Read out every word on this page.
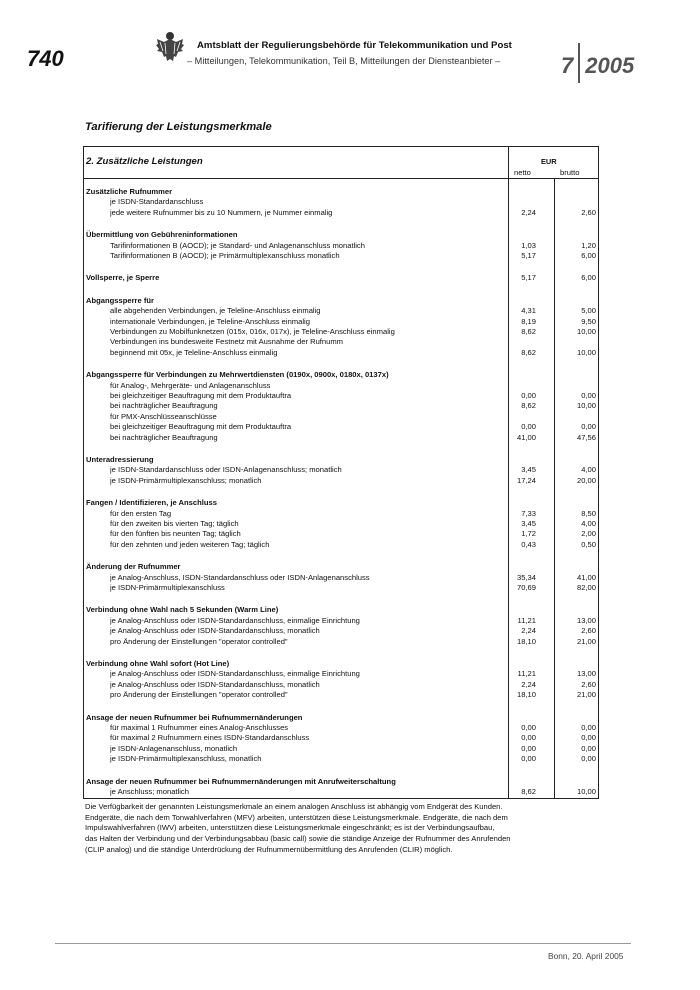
740
Amtsblatt der Regulierungsbehörde für Telekommunikation und Post
– Mitteilungen, Telekommunikation, Teil B, Mitteilungen der Diensteanbieter –	7 2005
Tarifierung der Leistungsmerkmale
2. Zusätzliche Leistungen	EUR
netto	brutto
Zusätzliche Rufnummer
je ISDN-Standardanschluss
jede weitere Rufnummer bis zu 10 Nummern, je Nummer einmalig	2,24	2,60
Übermittlung von Gebühreninformationen
Tarifinformationen B (AOCD); je Standard- und Anlagenanschluss monatlich	1,03	1,20
Tarifinformationen B (AOCD); je Primärmultiplexanschluss monatlich	5,17	6,00
Vollsperre, je Sperre	5,17	6,00
Abgangssperre für
alle abgehenden Verbindungen, je Teleline-Anschluss einmalig	4,31	5,00
internationale Verbindungen, je Teleline-Anschluss einmalig	8,19	9,50
Verbindungen zu Mobilfunknetzen (015x, 016x, 017x), je Teleline-Anschluss einmalig	8,62	10,00
Verbindungen ins bundesweite Festnetz mit Ausnahme der Rufnumm
beginnend mit 05x, je Teleline-Anschluss einmalig	8,62	10,00
Abgangssperre für Verbindungen zu Mehrwertdiensten (0190x, 0900x, 0180x, 0137x)
für Analog-, Mehrgeräte- und Anlagenanschluss
bei gleichzeitiger Beauftragung mit dem Produktauftra	0,00	0,00
bei nachträglicher Beauftragung	8,62	10,00
für PMX-Anschlüsseanschlüsse
bei gleichzeitiger Beauftragung mit dem Produktauftra	0,00	0,00
bei nachträglicher Beauftragung	41,00	47,56
Unteradressierung
je ISDN-Standardanschluss oder ISDN-Anlagenanschluss; monatlich	3,45	4,00
je ISDN-Primärmultiplexanschluss; monatlich	17,24	20,00
Fangen / Identifizieren, je Anschluss
für den ersten Tag	7,33	8,50
für den zweiten bis vierten Tag; täglich	3,45	4,00
für den fünften bis neunten Tag; täglich	1,72	2,00
für den zehnten und jeden weiteren Tag; täglich	0,43	0,50
Änderung der Rufnummer
je Analog-Anschluss, ISDN-Standardanschluss oder ISDN-Anlagenanschluss	35,34	41,00
je ISDN-Primärmultiplexanschluss	70,69	82,00
Verbindung ohne Wahl nach 5 Sekunden (Warm Line)
je Analog-Anschluss oder ISDN-Standardanschluss, einmalige Einrichtung	11,21	13,00
je Analog-Anschluss oder ISDN-Standardanschluss, monatlich	2,24	2,60
pro Änderung der Einstellungen "operator controlled"	18,10	21,00
Verbindung ohne Wahl sofort (Hot Line)
je Analog-Anschluss oder ISDN-Standardanschluss, einmalige Einrichtung	11,21	13,00
je Analog-Anschluss oder ISDN-Standardanschluss, monatlich	2,24	2,60
pro Änderung der Einstellungen "operator controlled"	18,10	21,00
Ansage der neuen Rufnummer bei Rufnummernänderungen
für maximal 1 Rufnummer eines Analog-Anschlusses	0,00	0,00
für maximal 2 Rufnummern eines ISDN-Standardanschluss	0,00	0,00
je ISDN-Anlagenanschluss, monatlich	0,00	0,00
je ISDN-Primärmultiplexanschluss, monatlich	0,00	0,00
Ansage der neuen Rufnummer bei Rufnummernänderungen mit Anrufweiterschaltung
je Anschluss; monatlich	8,62	10,00
Die Verfügbarkeit der genannten Leistungsmerkmale an einem analogen Anschluss ist abhängig vom Endgerät des Kunden.
Endgeräte, die nach dem Tonwahlverfahren (MFV) arbeiten, unterstützen diese Leistungsmerkmale. Endgeräte, die nach dem
Impulswahlverfahren (IWV) arbeiten, unterstützen diese Leistungsmerkmale eingeschränkt; es ist der Verbindungsaufbau,
das Halten der Verbindung und der Verbindungsabbau (basic call) sowie die ständige Anzeige der Rufnummer des Anrufenden
(CLIP analog) und die ständige Unterdrückung der Rufnummernübermittlung des Anrufenden (CLIR) möglich.
Bonn, 20. April 2005
